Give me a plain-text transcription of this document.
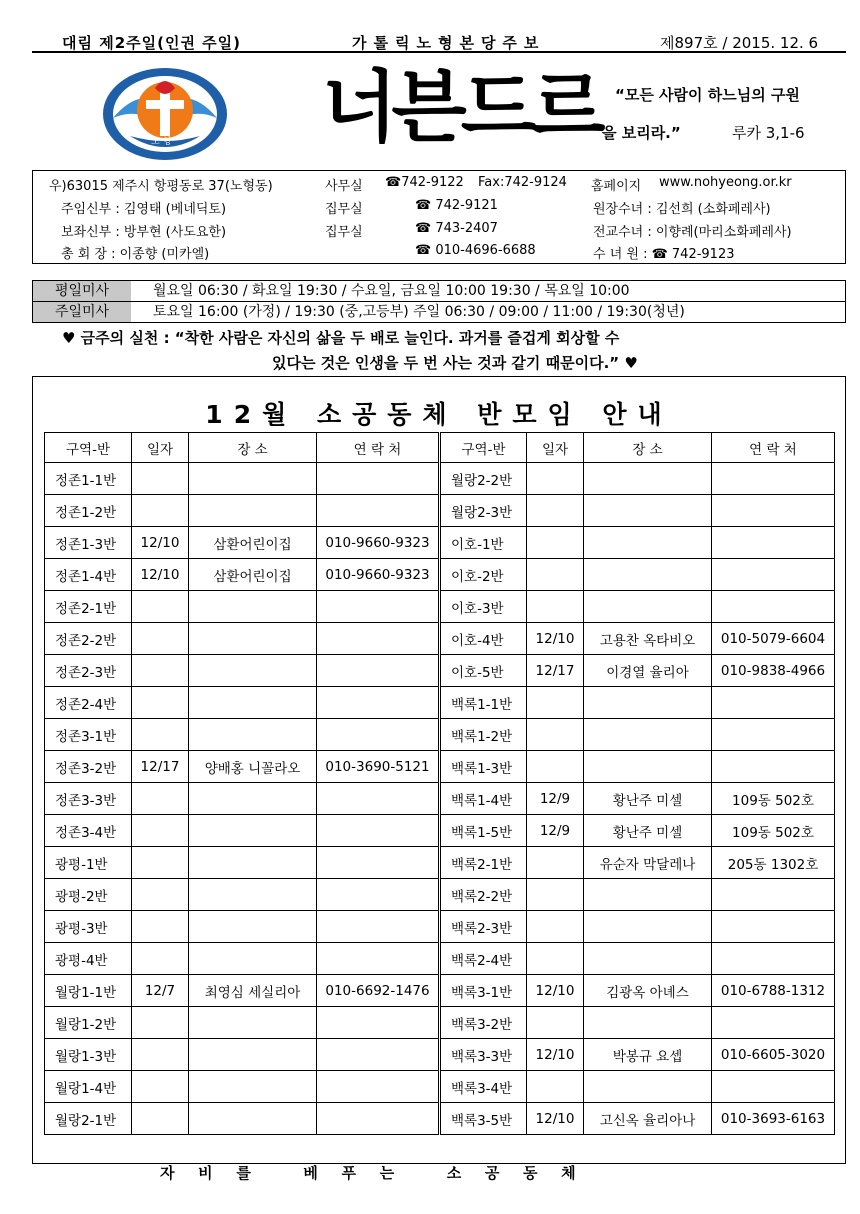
대림 제2주일(인권 주일)	가톨릭노형본당주보	제897호 / 2015. 12. 6
노 형 너븐드르 “모든 사람이 하느님의 구원
을 보리라.”	루카 3,1-6
우)63015 제주시 항평동로 37(노형동)	사무실 ☎742-9122 Fax:742-9124 홈페이지 www.nohyeong.or.kr
주임신부 : 김영태 (베네딕토)	집무실	☎ 742-9121	원장수녀 : 김선희 (소화페레사)
보좌신부 : 방부현 (사도요한)	집무실	☎ 743-2407	전교수녀 : 이향례(마리소화페레사)
총 회 장 : 이종향 (미카엘)	☎ 010-4696-6688	수 녀 원 : ☎ 742-9123
평일미사	월요일 06:30 / 화요일 19:30 / 수요일, 금요일 10:00 19:30 / 목요일 10:00
주일미사	토요일 16:00 (가정) / 19:30 (중,고등부) 주일 06:30 / 09:00 / 11:00 / 19:30(청년)
♥ 금주의 실천 : “착한 사람은 자신의 삶을 두 배로 늘인다. 과거를 즐겁게 회상할 수
있다는 것은 인생을 두 번 사는 것과 같기 때문이다.” ♥
12월 소공동체 반모임 안내
구역-반	일자	장 소	연 락 처	구역-반	일자	장 소	연 락 처
정존1-1반				월랑2-2반			
정존1-2반				월랑2-3반			
정존1-3반	12/10	삼환어린이집	010-9660-9323	이호-1반			
정존1-4반	12/10	삼환어린이집	010-9660-9323	이호-2반			
정존2-1반				이호-3반			
정존2-2반				이호-4반	12/10	고용찬 옥타비오	010-5079-6604
정존2-3반				이호-5반	12/17	이경열 율리아	010-9838-4966
정존2-4반				백록1-1반			
정존3-1반				백록1-2반			
정존3-2반	12/17	양배홍 니꼴라오	010-3690-5121	백록1-3반			
정존3-3반				백록1-4반	12/9	황난주 미셀	109동 502호
정존3-4반				백록1-5반	12/9	황난주 미셀	109동 502호
광평-1반				백록2-1반		유순자 막달레나	205동 1302호
광평-2반				백록2-2반			
광평-3반				백록2-3반			
광평-4반				백록2-4반			
월랑1-1반	12/7	최영심 세실리아	010-6692-1476	백록3-1반	12/10	김광옥 아녜스	010-6788-1312
월랑1-2반				백록3-2반			
월랑1-3반				백록3-3반	12/10	박봉규 요셉	010-6605-3020
월랑1-4반				백록3-4반			
월랑2-1반				백록3-5반	12/10	고신옥 율리아나	010-3693-6163
자   비   를       베   푸   는       소   공   동   체
